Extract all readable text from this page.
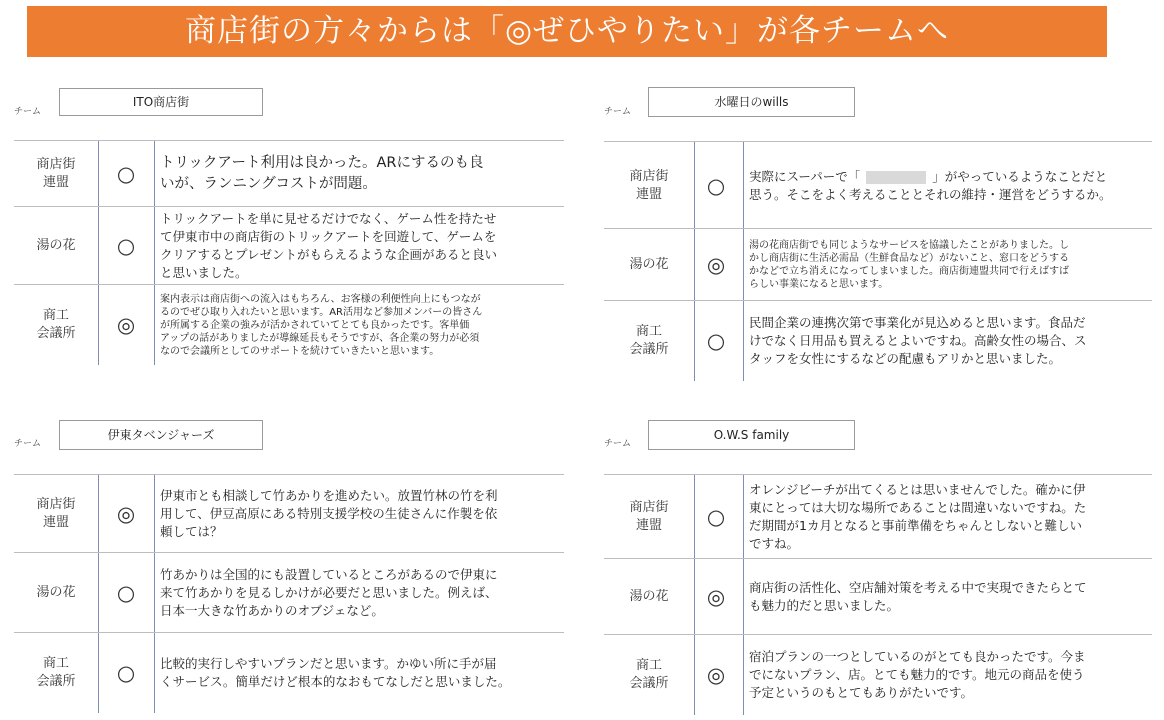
商店街の方々からは「◎ぜひやりたい」が各チームへ
チーム
ITO商店街
商店街
連盟 ○ トリックアート利用は良かった。ARにするのも良
いが、ランニングコストが問題。
湯の花 ○
トリックアートを単に見せるだけでなく、ゲーム性を持たせ
て伊東市中の商店街のトリックアートを回遊して、ゲームを
クリアするとプレゼントがもらえるような企画があると良い
と思いました。
商工
会議所 ◎
案内表示は商店街への流入はもちろん、お客様の利便性向上にもつなが
るのでぜひ取り入れたいと思います。AR活用など参加メンバーの皆さん
が所属する企業の強みが活かされていてとても良かったです。客単価
アップの話がありましたが導線延長もそうですが、各企業の努力が必須
なので会議所としてのサポートを続けていきたいと思います。
チーム
水曜日のwills
商店街
連盟 ○ 実際にスーパーで「	」がやっているようなことだと
思う。そこをよく考えることとそれの維持・運営をどうするか。
湯の花 ◎
湯の花商店街でも同じようなサービスを協議したことがありました。し
かし商店街に生活必需品（生鮮食品など）がないこと、窓口をどうする
かなどで立ち消えになってしまいました。商店街連盟共同で行えばすば
らしい事業になると思います。
商工
会議所 ○
民間企業の連携次第で事業化が見込めると思います。食品だ
けでなく日用品も買えるとよいですね。高齢女性の場合、ス
タッフを女性にするなどの配慮もアリかと思いました。
チーム
伊東タベンジャーズ
商店街
連盟 ◎
伊東市とも相談して竹あかりを進めたい。放置竹林の竹を利
用して、伊豆高原にある特別支援学校の生徒さんに作製を依
頼しては？
湯の花 ○
竹あかりは全国的にも設置しているところがあるので伊東に
来て竹あかりを見るしかけが必要だと思いました。例えば、
日本一大きな竹あかりのオブジェなど。
商工
会議所 ○ 比較的実行しやすいプランだと思います。かゆい所に手が届
くサービス。簡単だけど根本的なおもてなしだと思いました。
チーム
O.W.S family
商店街
連盟 ○
オレンジビーチが出てくるとは思いませんでした。確かに伊
東にとっては大切な場所であることは間違いないですね。た
だ期間が1カ月となると事前準備をちゃんとしないと難しい
ですね。
湯の花 ◎ 商店街の活性化、空店舗対策を考える中で実現できたらとて
も魅力的だと思いました。
商工
会議所 ◎
宿泊プランの一つとしているのがとても良かったです。今ま
でにないプラン、店。とても魅力的です。地元の商品を使う
予定というのもとてもありがたいです。
